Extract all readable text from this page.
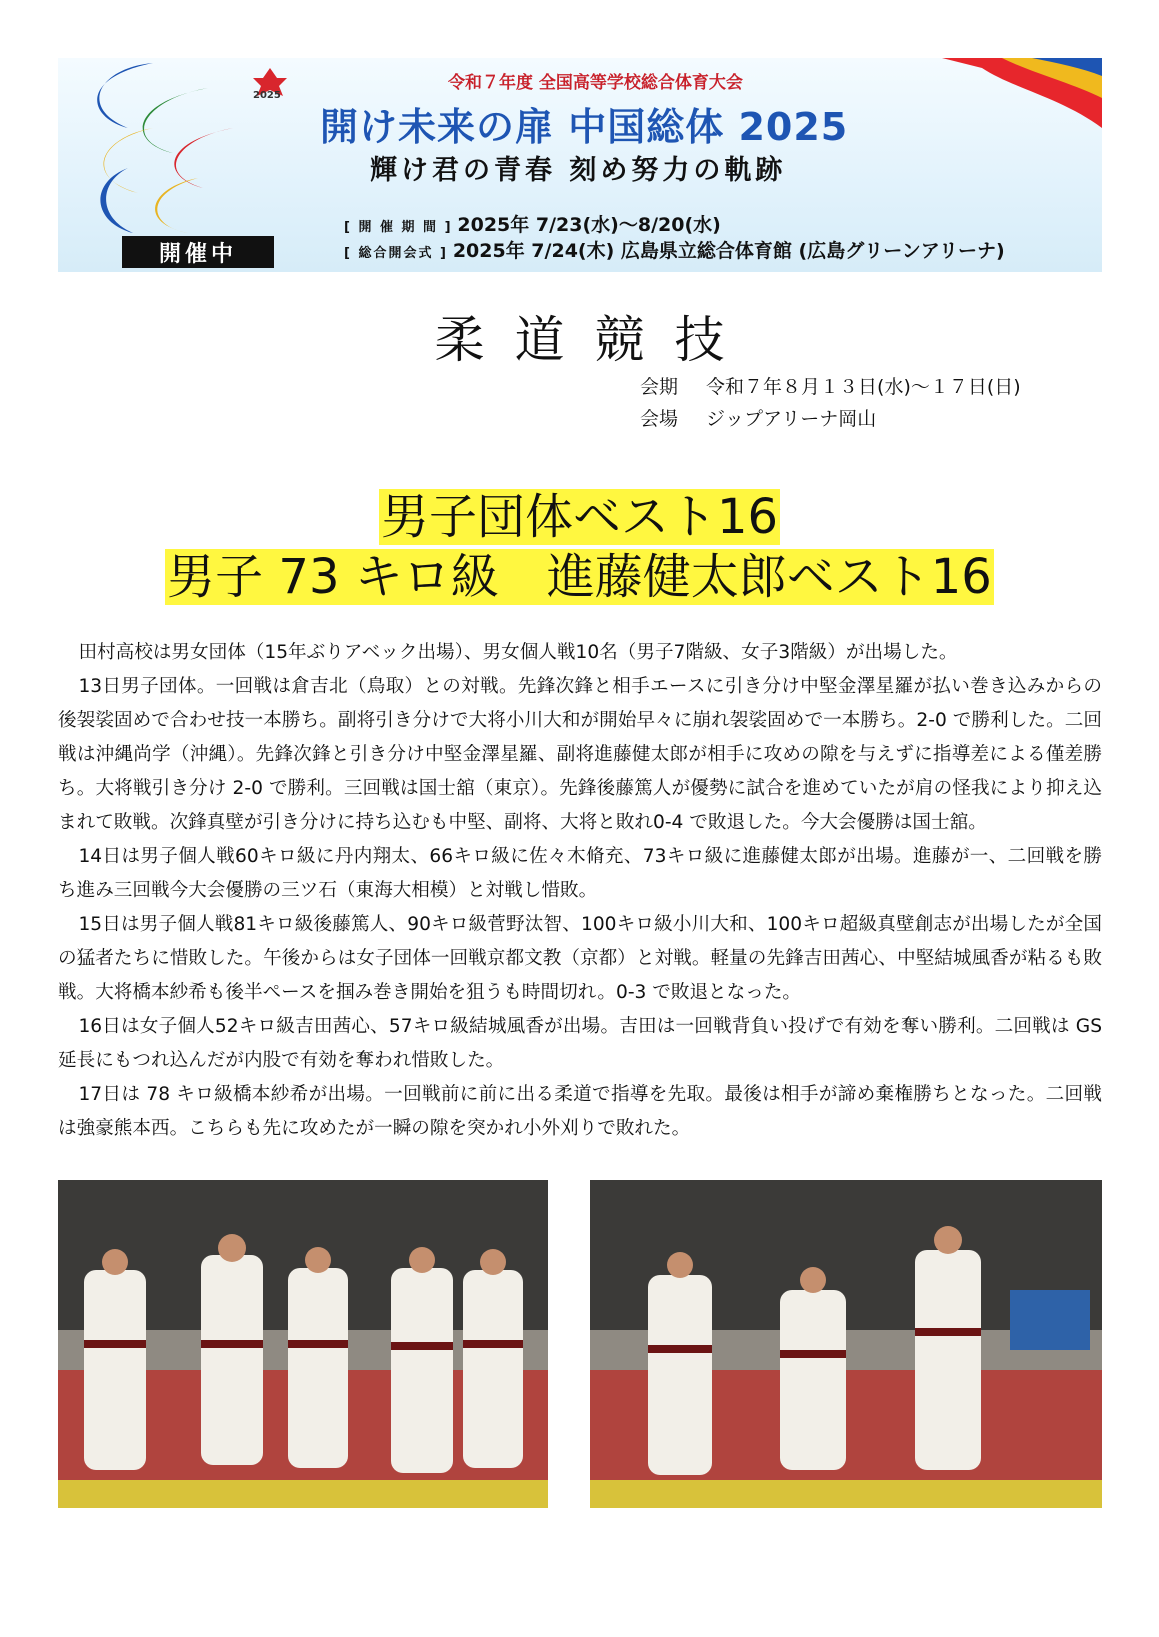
2025
開催中
令和７年度 全国高等学校総合体育大会
開け未来の扉 中国総体 2025
輝け君の青春 刻め努力の軌跡
[ 開 催 期 間 ] 2025年 7/23(水)～8/20(水)
[ 総合開会式 ] 2025年 7/24(木) 広島県立総合体育館 (広島グリーンアリーナ)
柔道競技
会期 令和７年８月１３日(水)～１７日(日)
会場 ジップアリーナ岡山
男子団体ベスト16
男子 73 キロ級　進藤健太郎ベスト16

田村高校は男女団体（15年ぶりアベック出場）、男女個人戦10名（男子7階級、女子3階級）が出場した。

13日男子団体。一回戦は倉吉北（鳥取）との対戦。先鋒次鋒と相手エースに引き分け中堅金澤星羅が払い巻き込みからの後袈裟固めで合わせ技一本勝ち。副将引き分けで大将小川大和が開始早々に崩れ袈裟固めで一本勝ち。2-0 で勝利した。二回戦は沖縄尚学（沖縄）。先鋒次鋒と引き分け中堅金澤星羅、副将進藤健太郎が相手に攻めの隙を与えずに指導差による僅差勝ち。大将戦引き分け 2-0 で勝利。三回戦は国士舘（東京）。先鋒後藤篤人が優勢に試合を進めていたが肩の怪我により抑え込まれて敗戦。次鋒真壁が引き分けに持ち込むも中堅、副将、大将と敗れ0-4 で敗退した。今大会優勝は国士舘。

14日は男子個人戦60キロ級に丹内翔太、66キロ級に佐々木脩充、73キロ級に進藤健太郎が出場。進藤が一、二回戦を勝ち進み三回戦今大会優勝の三ツ石（東海大相模）と対戦し惜敗。

15日は男子個人戦81キロ級後藤篤人、90キロ級菅野汰智、100キロ級小川大和、100キロ超級真壁創志が出場したが全国の猛者たちに惜敗した。午後からは女子団体一回戦京都文教（京都）と対戦。軽量の先鋒吉田茜心、中堅結城風香が粘るも敗戦。大将橋本紗希も後半ペースを掴み巻き開始を狙うも時間切れ。0-3 で敗退となった。

16日は女子個人52キロ級吉田茜心、57キロ級結城風香が出場。吉田は一回戦背負い投げで有効を奪い勝利。二回戦は GS 延長にもつれ込んだが内股で有効を奪われ惜敗した。

17日は 78 キロ級橋本紗希が出場。一回戦前に前に出る柔道で指導を先取。最後は相手が諦め棄権勝ちとなった。二回戦は強豪熊本西。こちらも先に攻めたが一瞬の隙を突かれ小外刈りで敗れた。
